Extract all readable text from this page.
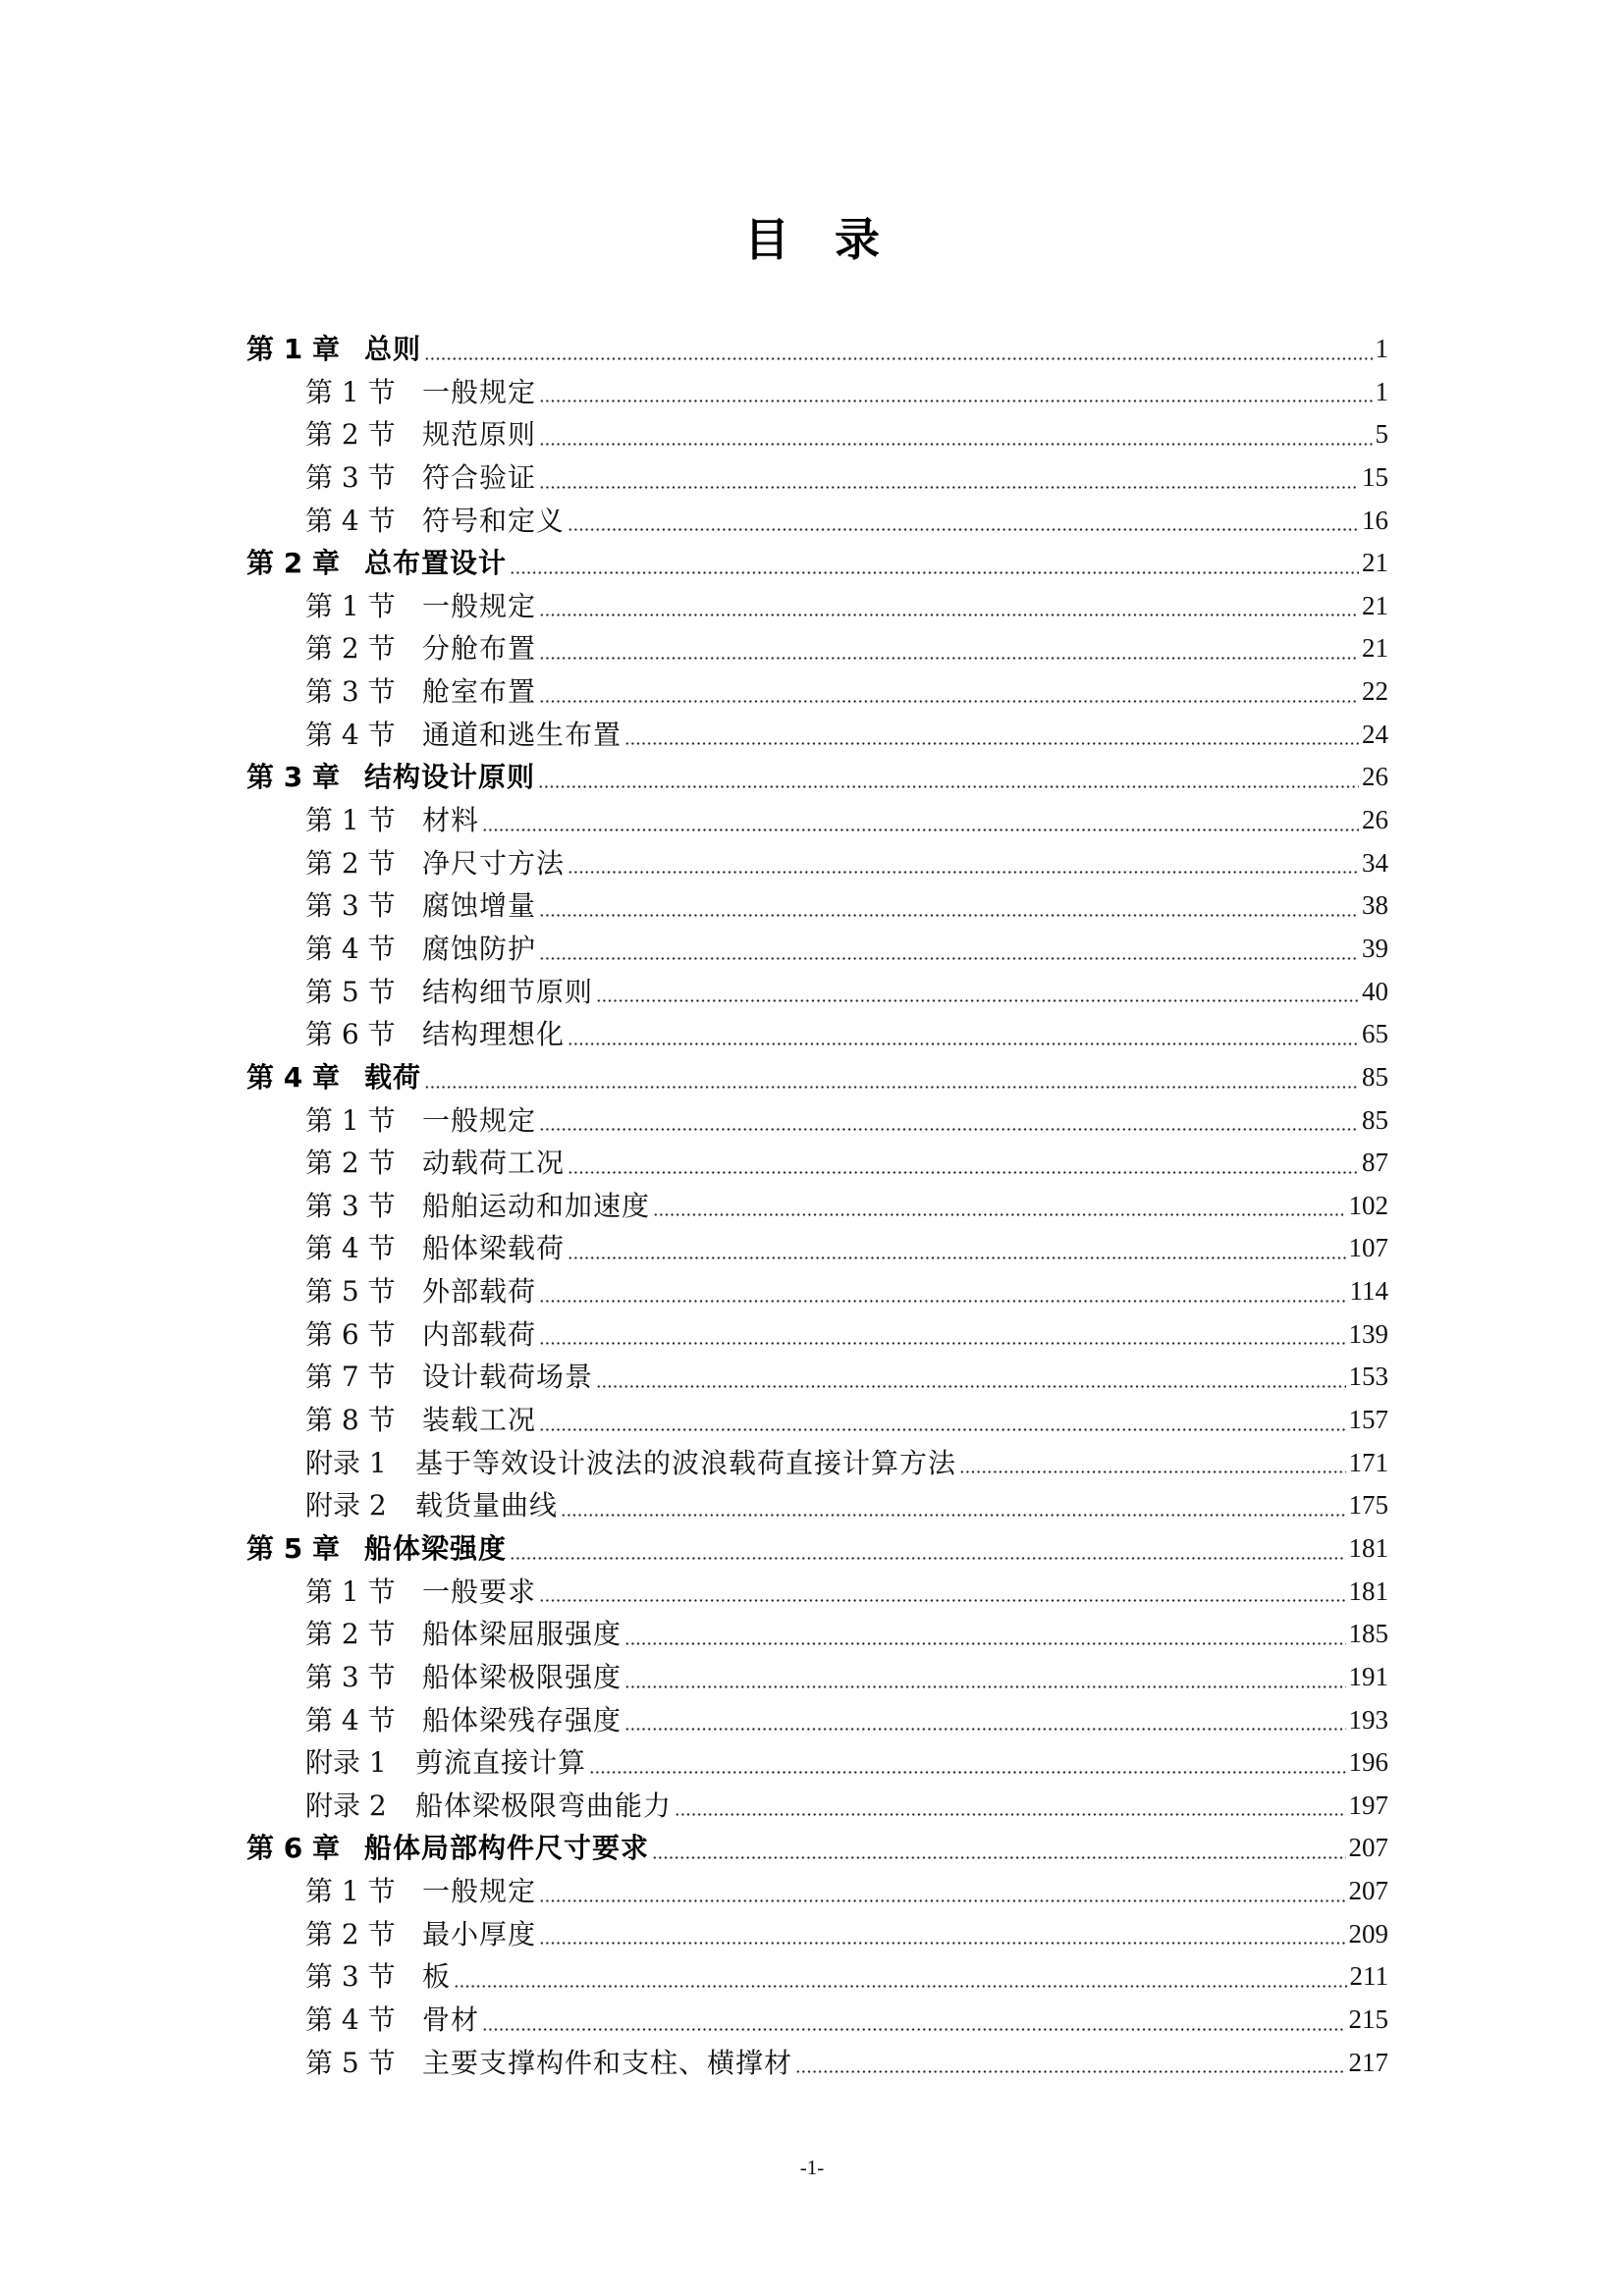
目　录
第 1 章 总则	1
第 1 节 一般规定	1
第 2 节 规范原则	5
第 3 节 符合验证	15
第 4 节 符号和定义	16
第 2 章 总布置设计	21
第 1 节 一般规定	21
第 2 节 分舱布置	21
第 3 节 舱室布置	22
第 4 节 通道和逃生布置	24
第 3 章 结构设计原则	26
第 1 节 材料	26
第 2 节 净尺寸方法	34
第 3 节 腐蚀增量	38
第 4 节 腐蚀防护	39
第 5 节 结构细节原则	40
第 6 节 结构理想化	65
第 4 章 载荷	85
第 1 节 一般规定	85
第 2 节 动载荷工况	87
第 3 节 船舶运动和加速度	102
第 4 节 船体梁载荷	107
第 5 节 外部载荷	114
第 6 节 内部载荷	139
第 7 节 设计载荷场景	153
第 8 节 装载工况	157
附录 1	基于等效设计波法的波浪载荷直接计算方法	171
附录 2	载货量曲线	175
第 5 章 船体梁强度	181
第 1 节 一般要求	181
第 2 节 船体梁屈服强度	185
第 3 节 船体梁极限强度	191
第 4 节 船体梁残存强度	193
附录 1	剪流直接计算	196
附录 2	船体梁极限弯曲能力	197
第 6 章 船体局部构件尺寸要求	207
第 1 节 一般规定	207
第 2 节 最小厚度	209
第 3 节 板	211
第 4 节 骨材	215
第 5 节 主要支撑构件和支柱、横撑材	217
-1-
